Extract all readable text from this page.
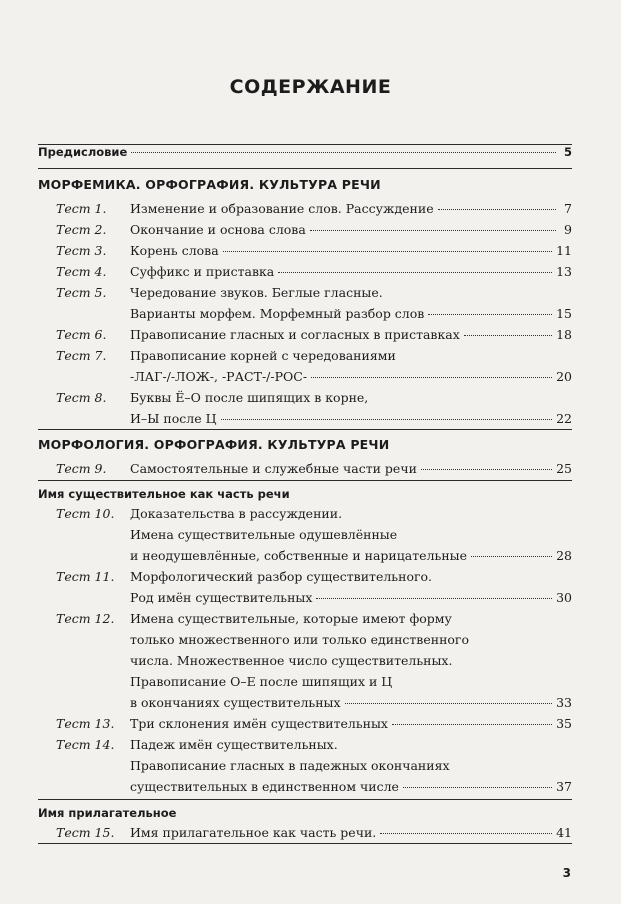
СОДЕРЖАНИЕ
Предисловие	5
МОРФЕМИКА. ОРФОГРАФИЯ. КУЛЬТУРА РЕЧИ
Тест 1. Изменение и образование слов. Рассуждение	7
Тест 2. Окончание и основа слова	9
Тест 3. Корень слова	11
Тест 4. Суффикс и приставка	13
Тест 5. Чередование звуков. Беглые гласные.
Варианты морфем. Морфемный разбор слов	15
Тест 6. Правописание гласных и согласных в приставках	18
Тест 7. Правописание корней с чередованиями
-ЛАГ-/-ЛОЖ-, -РАСТ-/-РОС-	20
Тест 8. Буквы Ё–О после шипящих в корне,
И–Ы после Ц	22
МОРФОЛОГИЯ. ОРФОГРАФИЯ. КУЛЬТУРА РЕЧИ
Тест 9. Самостоятельные и служебные части речи	25
Имя существительное как часть речи
Тест 10. Доказательства в рассуждении.
Имена существительные одушевлённые
и неодушевлённые, собственные и нарицательные	28
Тест 11. Морфологический разбор существительного.
Род имён существительных	30
Тест 12. Имена существительные, которые имеют форму
только множественного или только единственного
числа. Множественное число существительных.
Правописание О–Е после шипящих и Ц
в окончаниях существительных	33
Тест 13. Три склонения имён существительных	35
Тест 14. Падеж имён существительных.
Правописание гласных в падежных окончаниях
существительных в единственном числе	37
Имя прилагательное
Тест 15. Имя прилагательное как часть речи.	41
3
